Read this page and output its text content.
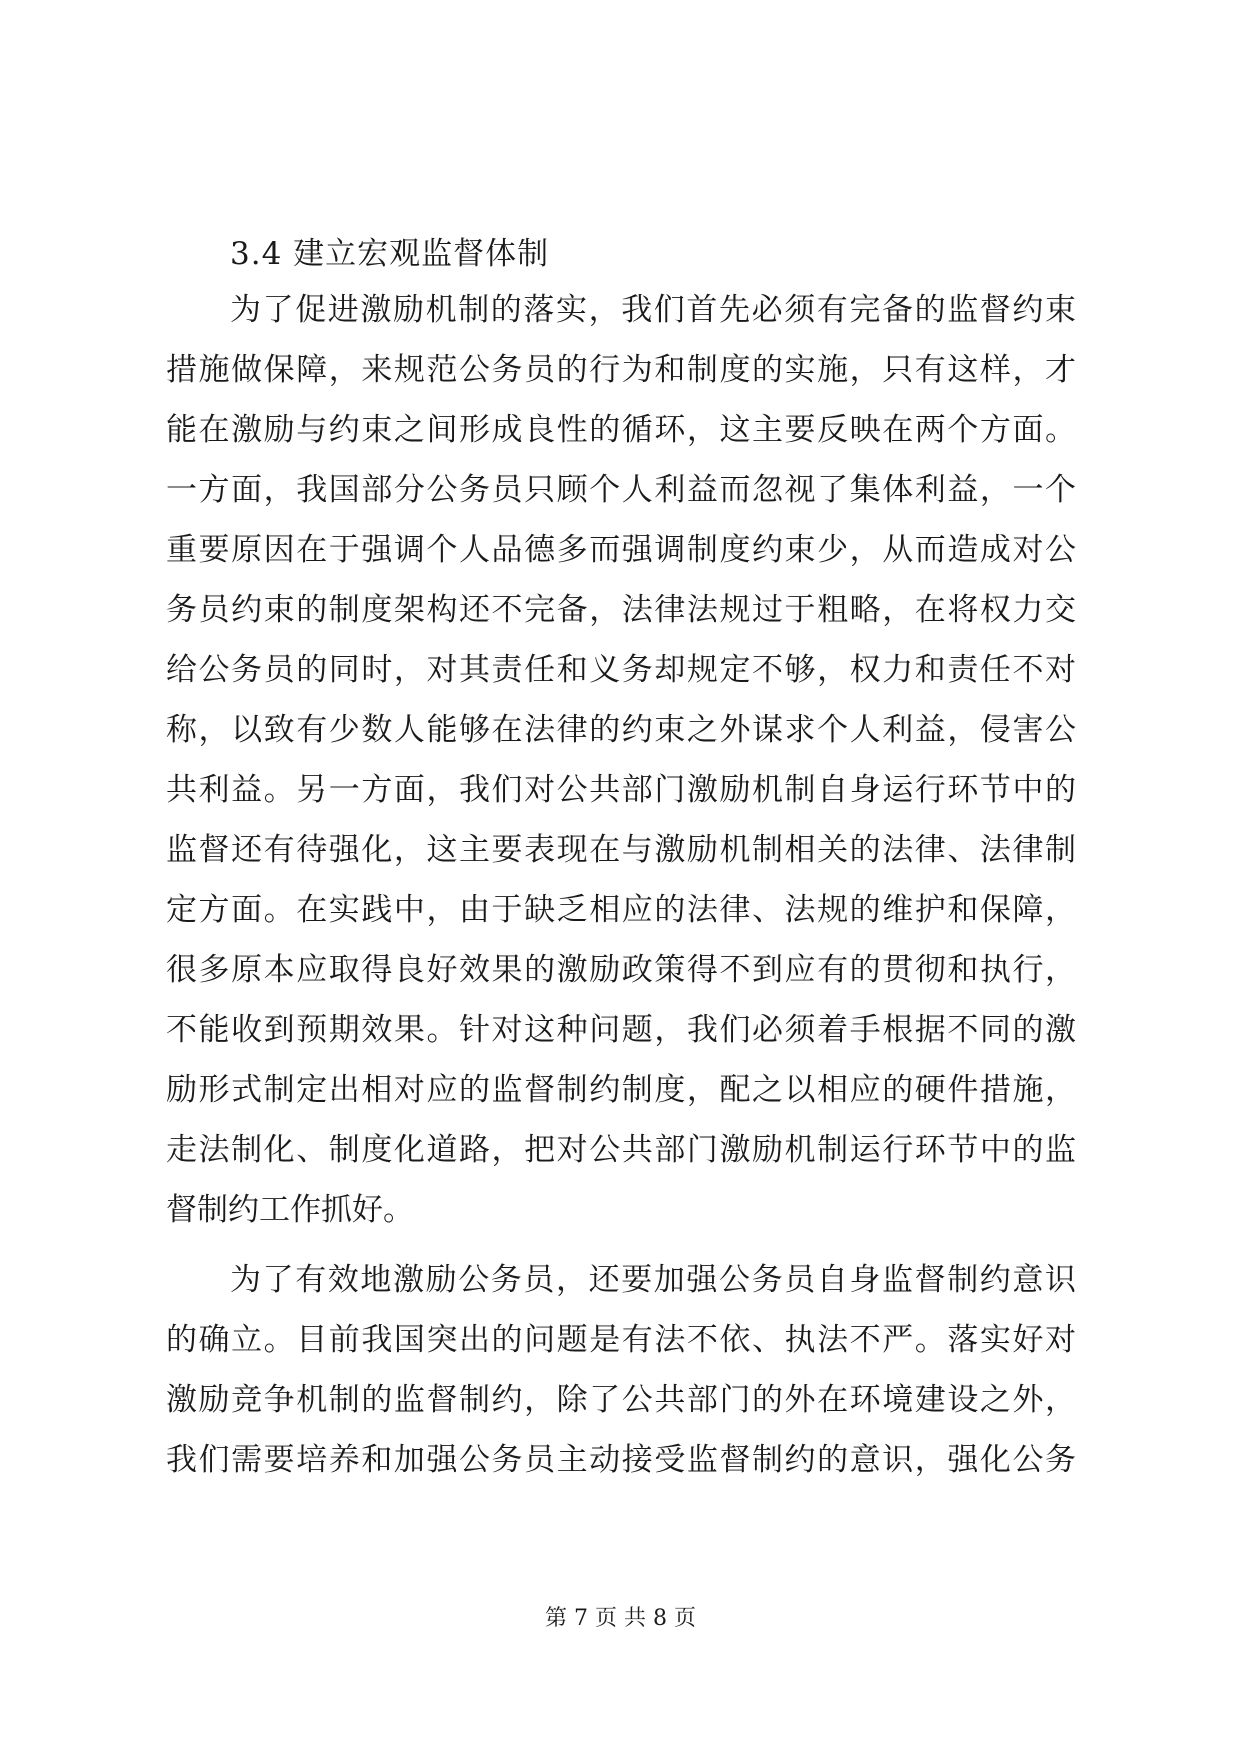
3.4 建立宏观监督体制
为了促进激励机制的落实，我们首先必须有完备的监督约束
措施做保障，来规范公务员的行为和制度的实施，只有这样，才
能在激励与约束之间形成良性的循环，这主要反映在两个方面。
一方面，我国部分公务员只顾个人利益而忽视了集体利益，一个
重要原因在于强调个人品德多而强调制度约束少，从而造成对公
务员约束的制度架构还不完备，法律法规过于粗略，在将权力交
给公务员的同时，对其责任和义务却规定不够，权力和责任不对
称，以致有少数人能够在法律的约束之外谋求个人利益，侵害公
共利益。另一方面，我们对公共部门激励机制自身运行环节中的
监督还有待强化，这主要表现在与激励机制相关的法律、法律制
定方面。在实践中，由于缺乏相应的法律、法规的维护和保障，
很多原本应取得良好效果的激励政策得不到应有的贯彻和执行，
不能收到预期效果。针对这种问题，我们必须着手根据不同的激
励形式制定出相对应的监督制约制度，配之以相应的硬件措施，
走法制化、制度化道路，把对公共部门激励机制运行环节中的监
督制约工作抓好。
为了有效地激励公务员，还要加强公务员自身监督制约意识
的确立。目前我国突出的问题是有法不依、执法不严。落实好对
激励竞争机制的监督制约，除了公共部门的外在环境建设之外，
我们需要培养和加强公务员主动接受监督制约的意识，强化公务
第 7 页 共 8 页
